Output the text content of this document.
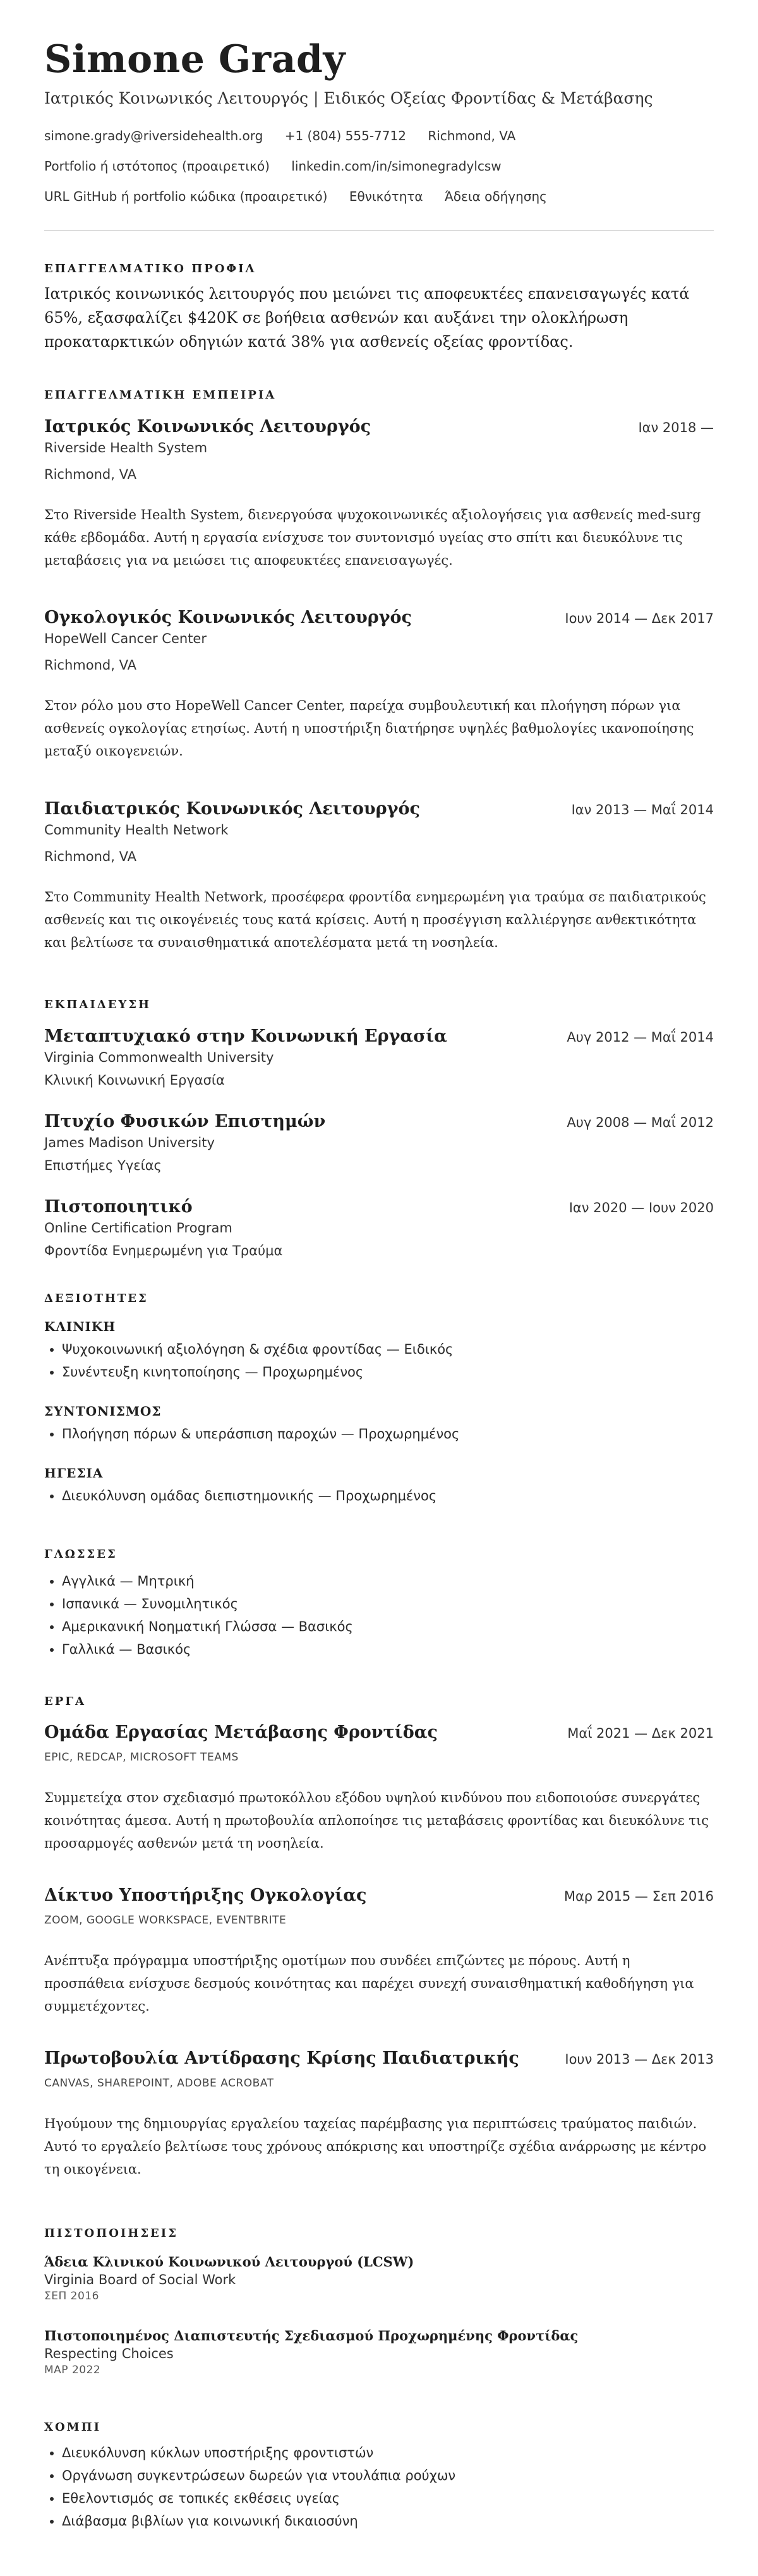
Simone Grady
Ιατρικός Κοινωνικός Λειτουργός | Ειδικός Οξείας Φροντίδας & Μετάβασης
simone.grady@riversidehealth.org +1 (804) 555-7712 Richmond, VA
Portfolio ή ιστότοπος (προαιρετικό) linkedin.com/in/simonegradylcsw
URL GitHub ή portfolio κώδικα (προαιρετικό) Εθνικότητα Άδεια οδήγησης
ΕΠΑΓΓΕΛΜΑΤΙΚΟ ΠΡΟΦΙΛ
Ιατρικός κοινωνικός λειτουργός που μειώνει τις αποφευκτέες επανεισαγωγές κατά 65%, εξασφαλίζει $420K σε βοήθεια ασθενών και αυξάνει την ολοκλήρωση προκαταρκτικών οδηγιών κατά 38% για ασθενείς οξείας φροντίδας.
ΕΠΑΓΓΕΛΜΑΤΙΚΗ ΕΜΠΕΙΡΙΑ
Ιατρικός Κοινωνικός Λειτουργός	Ιαν 2018 —
Riverside Health System
Richmond, VA
Στο Riverside Health System, διενεργούσα ψυχοκοινωνικές αξιολογήσεις για ασθενείς med-surg κάθε εβδομάδα. Αυτή η εργασία ενίσχυσε τον συντονισμό υγείας στο σπίτι και διευκόλυνε τις μεταβάσεις για να μειώσει τις αποφευκτέες επανεισαγωγές.
Ογκολογικός Κοινωνικός Λειτουργός	Ιουν 2014 — Δεκ 2017
HopeWell Cancer Center
Richmond, VA
Στον ρόλο μου στο HopeWell Cancer Center, παρείχα συμβουλευτική και πλοήγηση πόρων για ασθενείς ογκολογίας ετησίως. Αυτή η υποστήριξη διατήρησε υψηλές βαθμολογίες ικανοποίησης μεταξύ οικογενειών.
Παιδιατρικός Κοινωνικός Λειτουργός	Ιαν 2013 — Μαΐ 2014
Community Health Network
Richmond, VA
Στο Community Health Network, προσέφερα φροντίδα ενημερωμένη για τραύμα σε παιδιατρικούς ασθενείς και τις οικογένειές τους κατά κρίσεις. Αυτή η προσέγγιση καλλιέργησε ανθεκτικότητα και βελτίωσε τα συναισθηματικά αποτελέσματα μετά τη νοσηλεία.
ΕΚΠΑΙΔΕΥΣΗ
Μεταπτυχιακό στην Κοινωνική Εργασία	Αυγ 2012 — Μαΐ 2014
Virginia Commonwealth University
Κλινική Κοινωνική Εργασία
Πτυχίο Φυσικών Επιστημών	Αυγ 2008 — Μαΐ 2012
James Madison University
Επιστήμες Υγείας
Πιστοποιητικό	Ιαν 2020 — Ιουν 2020
Online Certification Program
Φροντίδα Ενημερωμένη για Τραύμα
ΔΕΞΙΟΤΗΤΕΣ
ΚΛΙΝΙΚΗ
• Ψυχοκοινωνική αξιολόγηση & σχέδια φροντίδας — Ειδικός
• Συνέντευξη κινητοποίησης — Προχωρημένος
ΣΥΝΤΟΝΙΣΜΟΣ
• Πλοήγηση πόρων & υπεράσπιση παροχών — Προχωρημένος
ΗΓΕΣΙΑ
• Διευκόλυνση ομάδας διεπιστημονικής — Προχωρημένος
ΓΛΩΣΣΕΣ
• Αγγλικά — Μητρική
• Ισπανικά — Συνομιλητικός
• Αμερικανική Νοηματική Γλώσσα — Βασικός
• Γαλλικά — Βασικός
ΕΡΓΑ
Ομάδα Εργασίας Μετάβασης Φροντίδας	Μαΐ 2021 — Δεκ 2021
EPIC, REDCAP, MICROSOFT TEAMS
Συμμετείχα στον σχεδιασμό πρωτοκόλλου εξόδου υψηλού κινδύνου που ειδοποιούσε συνεργάτες κοινότητας άμεσα. Αυτή η πρωτοβουλία απλοποίησε τις μεταβάσεις φροντίδας και διευκόλυνε τις προσαρμογές ασθενών μετά τη νοσηλεία.
Δίκτυο Υποστήριξης Ογκολογίας	Μαρ 2015 — Σεπ 2016
ZOOM, GOOGLE WORKSPACE, EVENTBRITE
Ανέπτυξα πρόγραμμα υποστήριξης ομοτίμων που συνδέει επιζώντες με πόρους. Αυτή η προσπάθεια ενίσχυσε δεσμούς κοινότητας και παρέχει συνεχή συναισθηματική καθοδήγηση για συμμετέχοντες.
Πρωτοβουλία Αντίδρασης Κρίσης Παιδιατρικής	Ιουν 2013 — Δεκ 2013
CANVAS, SHAREPOINT, ADOBE ACROBAT
Ηγούμουν της δημιουργίας εργαλείου ταχείας παρέμβασης για περιπτώσεις τραύματος παιδιών. Αυτό το εργαλείο βελτίωσε τους χρόνους απόκρισης και υποστηρίζε σχέδια ανάρρωσης με κέντρο τη οικογένεια.
ΠΙΣΤΟΠΟΙΗΣΕΙΣ
Άδεια Κλινικού Κοινωνικού Λειτουργού (LCSW)
Virginia Board of Social Work
ΣΕΠ 2016
Πιστοποιημένος Διαπιστευτής Σχεδιασμού Προχωρημένης Φροντίδας
Respecting Choices
ΜΑΡ 2022
ΧΟΜΠΙ
• Διευκόλυνση κύκλων υποστήριξης φροντιστών
• Οργάνωση συγκεντρώσεων δωρεών για ντουλάπια ρούχων
• Εθελοντισμός σε τοπικές εκθέσεις υγείας
• Διάβασμα βιβλίων για κοινωνική δικαιοσύνη
